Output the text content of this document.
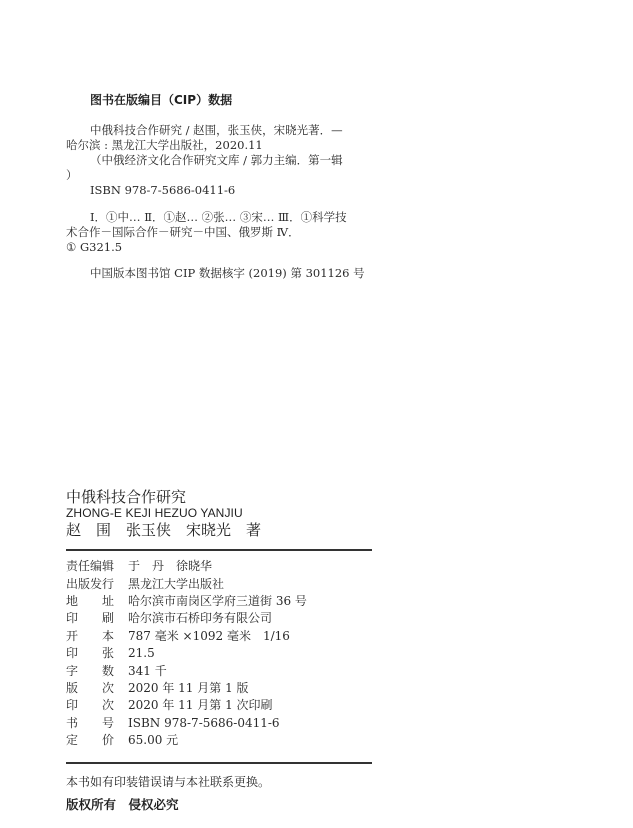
图书在版编目（CIP）数据
中俄科技合作研究 / 赵围，张玉侠，宋晓光著．—
哈尔滨 : 黑龙江大学出版社，2020.11
（中俄经济文化合作研究文库 / 郭力主编．第一辑
）
ISBN 978-7-5686-0411-6
Ⅰ．①中… Ⅱ．①赵… ②张… ③宋… Ⅲ．①科学技
术合作－国际合作－研究－中国、俄罗斯 Ⅳ．
① G321.5
中国版本图书馆 CIP 数据核字 (2019) 第 301126 号
中俄科技合作研究
ZHONG-E KEJI HEZUO YANJIU
赵　围　张玉侠　宋晓光　著
责任编辑	于　丹　徐晓华
出版发行	黑龙江大学出版社
地　　址	哈尔滨市南岗区学府三道街 36 号
印　　刷	哈尔滨市石桥印务有限公司
开　　本	787 毫米 ×1092 毫米　1/16
印　　张	21.5
字　　数	341 千
版　　次	2020 年 11 月第 1 版
印　　次	2020 年 11 月第 1 次印刷
书　　号	ISBN 978-7-5686-0411-6
定　　价	65.00 元
本书如有印装错误请与本社联系更换。
版权所有　侵权必究
